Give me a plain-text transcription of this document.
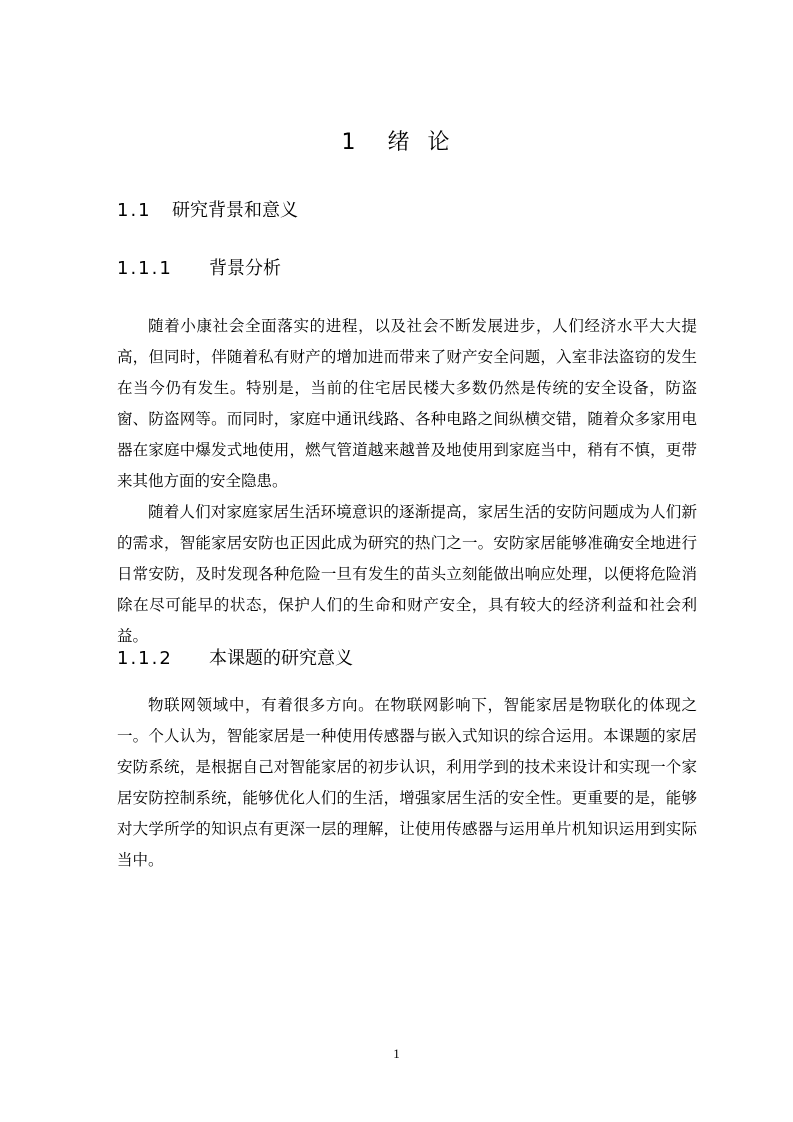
1 绪 论
1.1 研究背景和意义
1.1.1 背景分析

随着小康社会全面落实的进程，以及社会不断发展进步，人们经济水平大大提高，但同时，伴随着私有财产的增加进而带来了财产安全问题，入室非法盗窃的发生在当今仍有发生。特别是，当前的住宅居民楼大多数仍然是传统的安全设备，防盗窗、防盗网等。而同时，家庭中通讯线路、各种电路之间纵横交错，随着众多家用电器在家庭中爆发式地使用，燃气管道越来越普及地使用到家庭当中，稍有不慎，更带来其他方面的安全隐患。

随着人们对家庭家居生活环境意识的逐渐提高，家居生活的安防问题成为人们新的需求，智能家居安防也正因此成为研究的热门之一。安防家居能够准确安全地进行日常安防，及时发现各种危险一旦有发生的苗头立刻能做出响应处理，以便将危险消除在尽可能早的状态，保护人们的生命和财产安全，具有较大的经济利益和社会利益。

1.1.2 本课题的研究意义

物联网领域中，有着很多方向。在物联网影响下，智能家居是物联化的体现之一。个人认为，智能家居是一种使用传感器与嵌入式知识的综合运用。本课题的家居安防系统，是根据自己对智能家居的初步认识，利用学到的技术来设计和实现一个家居安防控制系统，能够优化人们的生活，增强家居生活的安全性。更重要的是，能够对大学所学的知识点有更深一层的理解，让使用传感器与运用单片机知识运用到实际当中。

1
